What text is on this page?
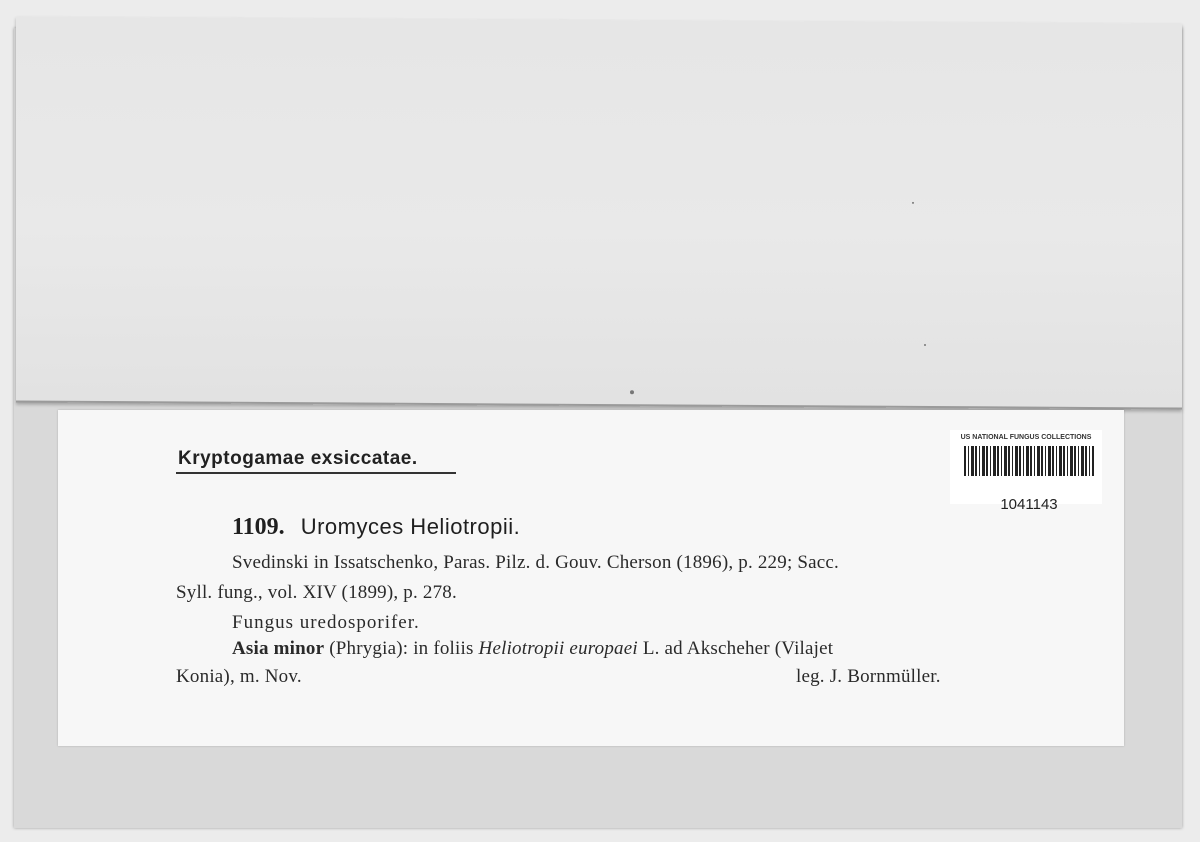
Kryptogamae exsiccatae.
US NATIONAL FUNGUS COLLECTIONS
1041143
1109. Uromyces Heliotropii.
Svedinski in Issatschenko, Paras. Pilz. d. Gouv. Cherson (1896), p. 229; Sacc.
Syll. fung., vol. XIV (1899), p. 278.
Fungus uredosporifer.
Asia minor (Phrygia): in foliis Heliotropii europaei L. ad Akscheher (Vilajet
Konia), m. Nov.	leg. J. Bornmüller.
